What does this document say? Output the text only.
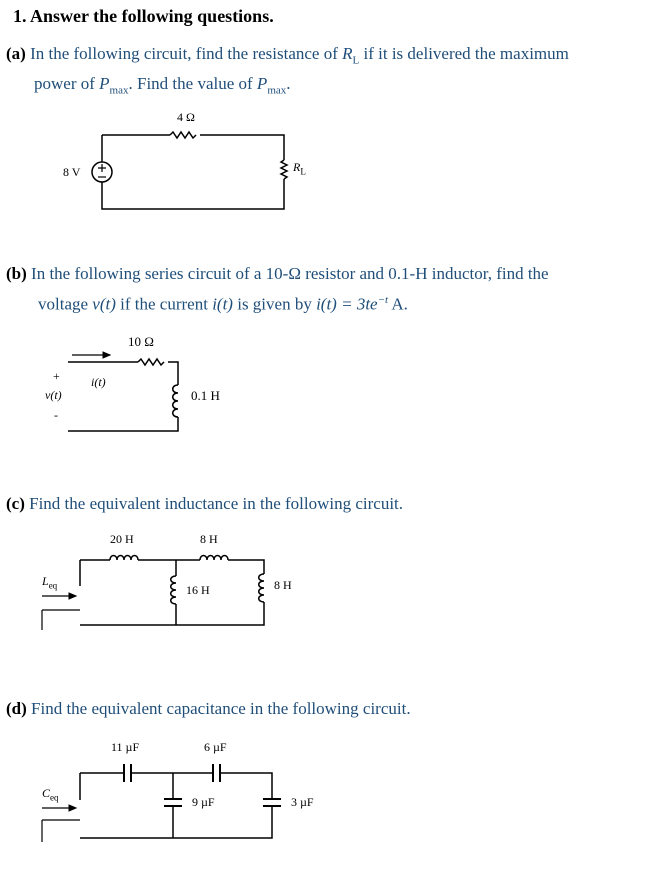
1. Answer the following questions.
(a) In the following circuit, find the resistance of $R_L$ if it is delivered the maximum
power of $P_{max}$. Find the value of $P_{max}$.
(b) In the following series circuit of a 10-Ω resistor and 0.1-H inductor, find the
voltage v(t) if the current i(t) is given by $i(t) = 3te^{-t}$ A.
(c) Find the equivalent inductance in the following circuit.
(d) Find the equivalent capacitance in the following circuit.
4 Ω
8 V	$R_L$
10 Ω
i(t)
+
v(t)
-
0.1 H
20 H	8 H
16 H	8 H
$L_{eq}$
11 µF	6 µF
9 µF	3 µF
$C_{eq}$
